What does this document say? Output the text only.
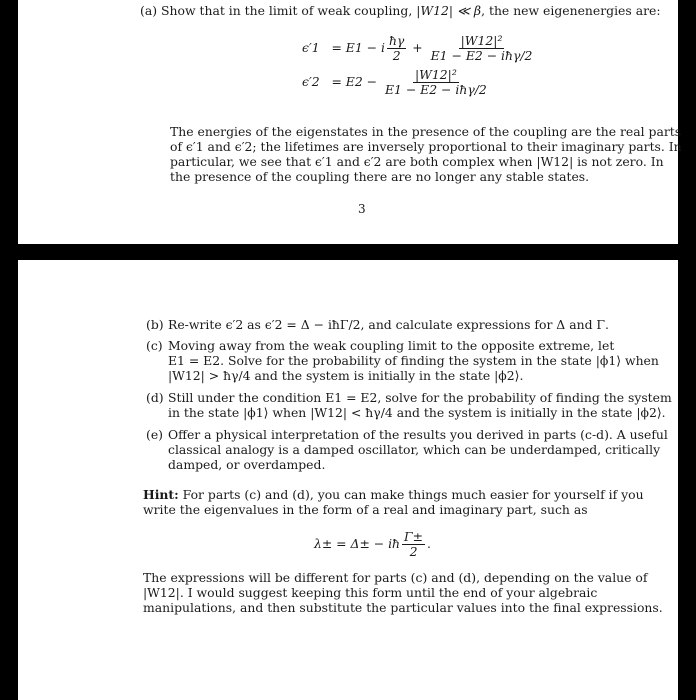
(a) Show that in the limit of weak coupling, |W12| ≪ β, the new eigenenergies are:
ϵ′1 = E1 − i $\frac{ħ\gamma}{2} + \frac{\text{|W12|²}}{\text{E1 − E2 − iħγ/2}}$
$\epsilon'2 = E2 - \frac{\text{|W12|²}}{\text{E1 − E2 − iħγ/2}}$
The energies of the eigenstates in the presence of the coupling are the real parts
of ϵ′1 and ϵ′2; the lifetimes are inversely proportional to their imaginary parts. In
particular, we see that ϵ′1 and ϵ′2 are both complex when |W12| is not zero. In
the presence of the coupling there are no longer any stable states.
3
(b) Re-write ϵ′2 as ϵ′2 = Δ − iħΓ/2, and calculate expressions for Δ and Γ.
(c) Moving away from the weak coupling limit to the opposite extreme, let
E1 = E2. Solve for the probability of finding the system in the state |ϕ1⟩ when
|W12| > ħγ/4 and the system is initially in the state |ϕ2⟩.
(d) Still under the condition E1 = E2, solve for the probability of finding the system
in the state |ϕ1⟩ when |W12| < ħγ/4 and the system is initially in the state |ϕ2⟩.
(e) Offer a physical interpretation of the results you derived in parts (c-d). A useful
classical analogy is a damped oscillator, which can be underdamped, critically
damped, or overdamped.
Hint: For parts (c) and (d), you can make things much easier for yourself if you
write the eigenvalues in the form of a real and imaginary part, such as
λ± = Δ± − iħ $\frac{\Gamma\pm}{2}$ .
The expressions will be different for parts (c) and (d), depending on the value of
|W12|. I would suggest keeping this form until the end of your algebraic
manipulations, and then substitute the particular values into the final expressions.
